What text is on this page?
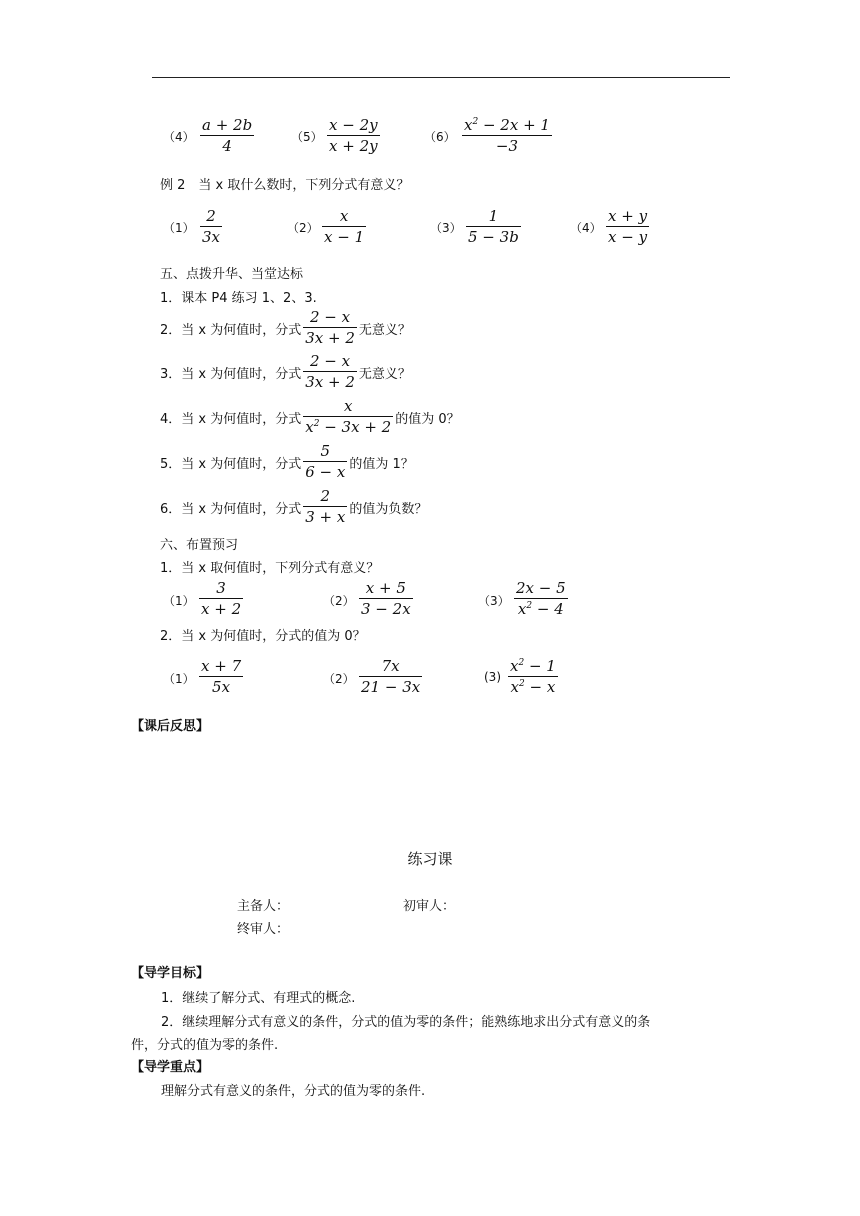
（4）
a + 2b
4	（5）
x − 2y
x + 2y	（6）
$x^2 - 2x + 1$
−3
例 2　当 x 取什么数时，下列分式有意义？
（1）
2
3x	（2）
x
x − 1	（3）
1
5 − 3b	（4）
x + y
x − y
五、点拨升华、当堂达标
1．课本 P4 练习 1、2、3.
2．当 x 为何值时，分式 $\frac{2 - x}{3x + 2}$ 无意义？
3．当 x 为何值时，分式 $\frac{2 - x}{3x + 2}$ 无意义？
4．当 x 为何值时，分式 $\frac{x}{x^2 - 3x + 2}$ 的值为 0？
5．当 x 为何值时，分式 $\frac{5}{6 - x}$ 的值为 1？
6．当 x 为何值时，分式 $\frac{2}{3 + x}$ 的值为负数？
六、布置预习
1．当 x 取何值时，下列分式有意义？
（1）
3
x + 2	（2）
x + 5
3 − 2x	（3）
2x − 5
$x^2 - 4$
2．当 x 为何值时，分式的值为 0？
（1）
x + 7
5x	（2）
7x
21 − 3x
(3)
$x^2 - 1$
$x^2 - x$
【课后反思】
练习课
主备人：	初审人：
终审人：
【导学目标】
1．继续了解分式、有理式的概念.
2．继续理解分式有意义的条件，分式的值为零的条件；能熟练地求出分式有意义的条
件，分式的值为零的条件.
【导学重点】
理解分式有意义的条件，分式的值为零的条件.
